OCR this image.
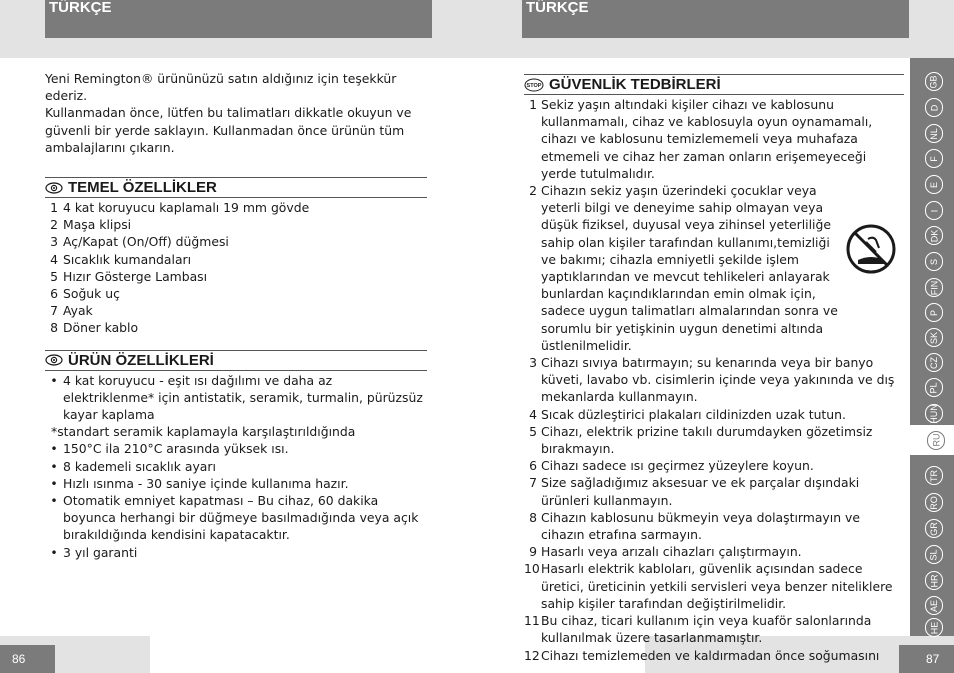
TÜRKÇE	TÜRKÇE
86	87

Yeni Remington® ürününüzü satın aldığınız için teşekkür ederiz.

Kullanmadan önce, lütfen bu talimatları dikkatle okuyun ve güvenli bir yerde saklayın. Kullanmadan önce ürünün tüm ambalajlarını çıkarın.

TEMEL ÖZELLİKLER
1 4 kat koruyucu kaplamalı 19 mm gövde
2 Maşa klipsi
3 Aç/Kapat (On/Off) düğmesi
4 Sıcaklık kumandaları
5 Hızır Gösterge Lambası
6 Soğuk uç
7 Ayak
8 Döner kablo
ÜRÜN ÖZELLİKLERİ
• 4 kat koruyucu - eşit ısı dağılımı ve daha az elektriklenme* için antistatik, seramik, turmalin, pürüzsüz kayar kaplama
*standart seramik kaplamayla karşılaştırıldığında
• 150°C ila 210°C arasında yüksek ısı.
• 8 kademeli sıcaklık ayarı
• Hızlı ısınma - 30 saniye içinde kullanıma hazır.
• Otomatik emniyet kapatması – Bu cihaz, 60 dakika boyunca herhangi bir düğmeye basılmadığında veya açık bırakıldığında kendisini kapatacaktır.
• 3 yıl garanti
STOP GÜVENLİK TEDBİRLERİ
1 Sekiz yaşın altındaki kişiler cihazı ve kablosunu kullanmamalı, cihaz ve kablosuyla oyun oynamamalı, cihazı ve kablosunu temizlememeli veya muhafaza etmemeli ve cihaz her zaman onların erişemeyeceği yerde tutulmalıdır.
2 Cihazın sekiz yaşın üzerindeki çocuklar veya yeterli bilgi ve deneyime sahip olmayan veya düşük fiziksel, duyusal veya zihinsel yeterliliğe sahip olan kişiler tarafından kullanımı,temizliği ve bakımı; cihazla emniyetli şekilde işlem yaptıklarından ve mevcut tehlikeleri anlayarak bunlardan kaçındıklarından emin olmak için, sadece uygun talimatları almalarından sonra ve sorumlu bir yetişkinin uygun denetimi altında üstlenilmelidir.
3 Cihazı sıvıya batırmayın; su kenarında veya bir banyo küveti, lavabo vb. cisimlerin içinde veya yakınında ve dış mekanlarda kullanmayın.
4 Sıcak düzleştirici plakaları cildinizden uzak tutun.
5 Cihazı, elektrik prizine takılı durumdayken gözetimsiz bırakmayın.
6 Cihazı sadece ısı geçirmez yüzeylere koyun.
7 Size sağladığımız aksesuar ve ek parçalar dışındaki ürünleri kullanmayın.
8 Cihazın kablosunu bükmeyin veya dolaştırmayın ve cihazın etrafına sarmayın.
9 Hasarlı veya arızalı cihazları çalıştırmayın.
10 Hasarlı elektrik kabloları, güvenlik açısından sadece üretici, üreticinin yetkili servisleri veya benzer niteliklere sahip kişiler tarafından değiştirilmelidir.
11 Bu cihaz, ticari kullanım için veya kuaför salonlarında kullanılmak üzere tasarlanmamıştır.
12 Cihazı temizlemeden ve kaldırmadan önce soğumasını
GB
D
NL
F
E
I
DK
S
FIN
P
SK
CZ
PL
HUN
RU
TR
RO
GR
SL
HR
AE
HE
